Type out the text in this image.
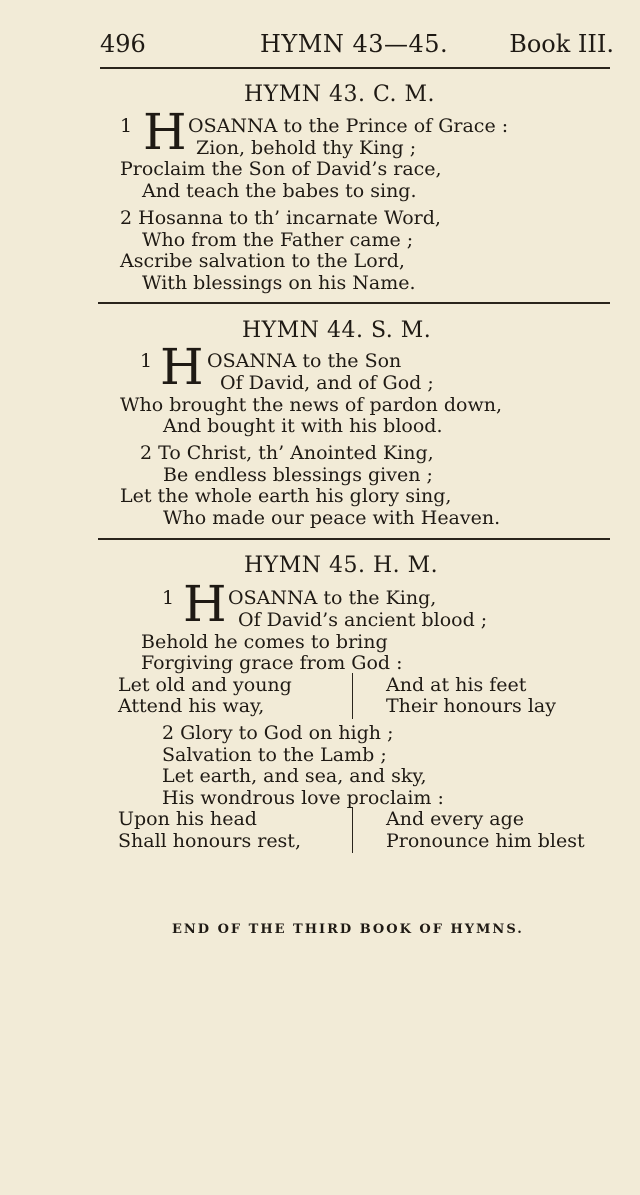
496	HYMN 43—45.	Book III.
HYMN 43. C. M.
1 H OSANNA to the Prince of Grace :
Zion, behold thy King ;
Proclaim the Son of David’s race,
And teach the babes to sing.
2 Hosanna to th’ incarnate Word,
Who from the Father came ;
Ascribe salvation to the Lord,
With blessings on his Name.
HYMN 44. S. M.
1 H OSANNA to the Son
Of David, and of God ;
Who brought the news of pardon down,
And bought it with his blood.
2 To Christ, th’ Anointed King,
Be endless blessings given ;
Let the whole earth his glory sing,
Who made our peace with Heaven.
HYMN 45. H. M.
1 H OSANNA to the King,
Of David’s ancient blood ;
Behold he comes to bring
Forgiving grace from God :
Let old and young
Attend his way,
And at his feet
Their honours lay
2 Glory to God on high ;
Salvation to the Lamb ;
Let earth, and sea, and sky,
His wondrous love proclaim :
Upon his head
Shall honours rest,
And every age
Pronounce him blest
END OF THE THIRD BOOK OF HYMNS.
